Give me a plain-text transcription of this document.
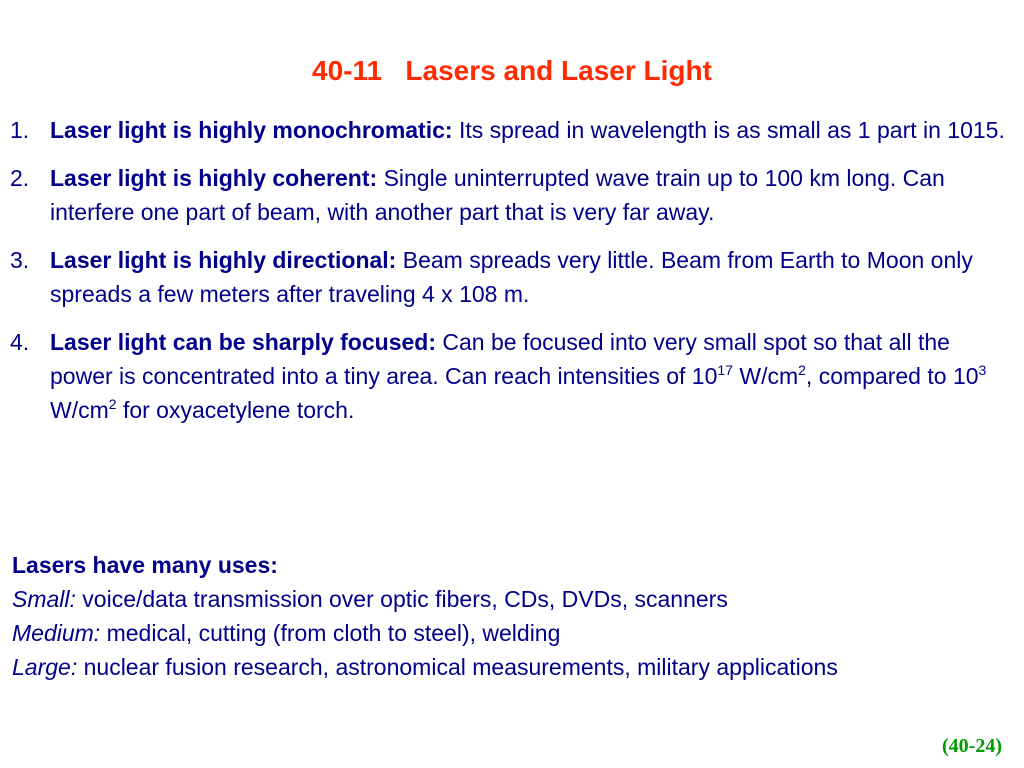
40-11   Lasers and Laser Light
1. Laser light is highly monochromatic: Its spread in wavelength is as small as 1 part in 1015.
2. Laser light is highly coherent: Single uninterrupted wave train up to 100 km long. Can interfere one part of beam, with another part that is very far away.
3. Laser light is highly directional: Beam spreads very little. Beam from Earth to Moon only spreads a few meters after traveling 4 x 108 m.
4. Laser light can be sharply focused: Can be focused into very small spot so that all the power is concentrated into a tiny area. Can reach intensities of $10^{17}$ $W/cm^2$, compared to $10^3$ $W/cm^2$ for oxyacetylene torch.
Lasers have many uses:
Small: voice/data transmission over optic fibers, CDs, DVDs, scanners
Medium: medical, cutting (from cloth to steel), welding
Large: nuclear fusion research, astronomical measurements, military applications
(40-24)
